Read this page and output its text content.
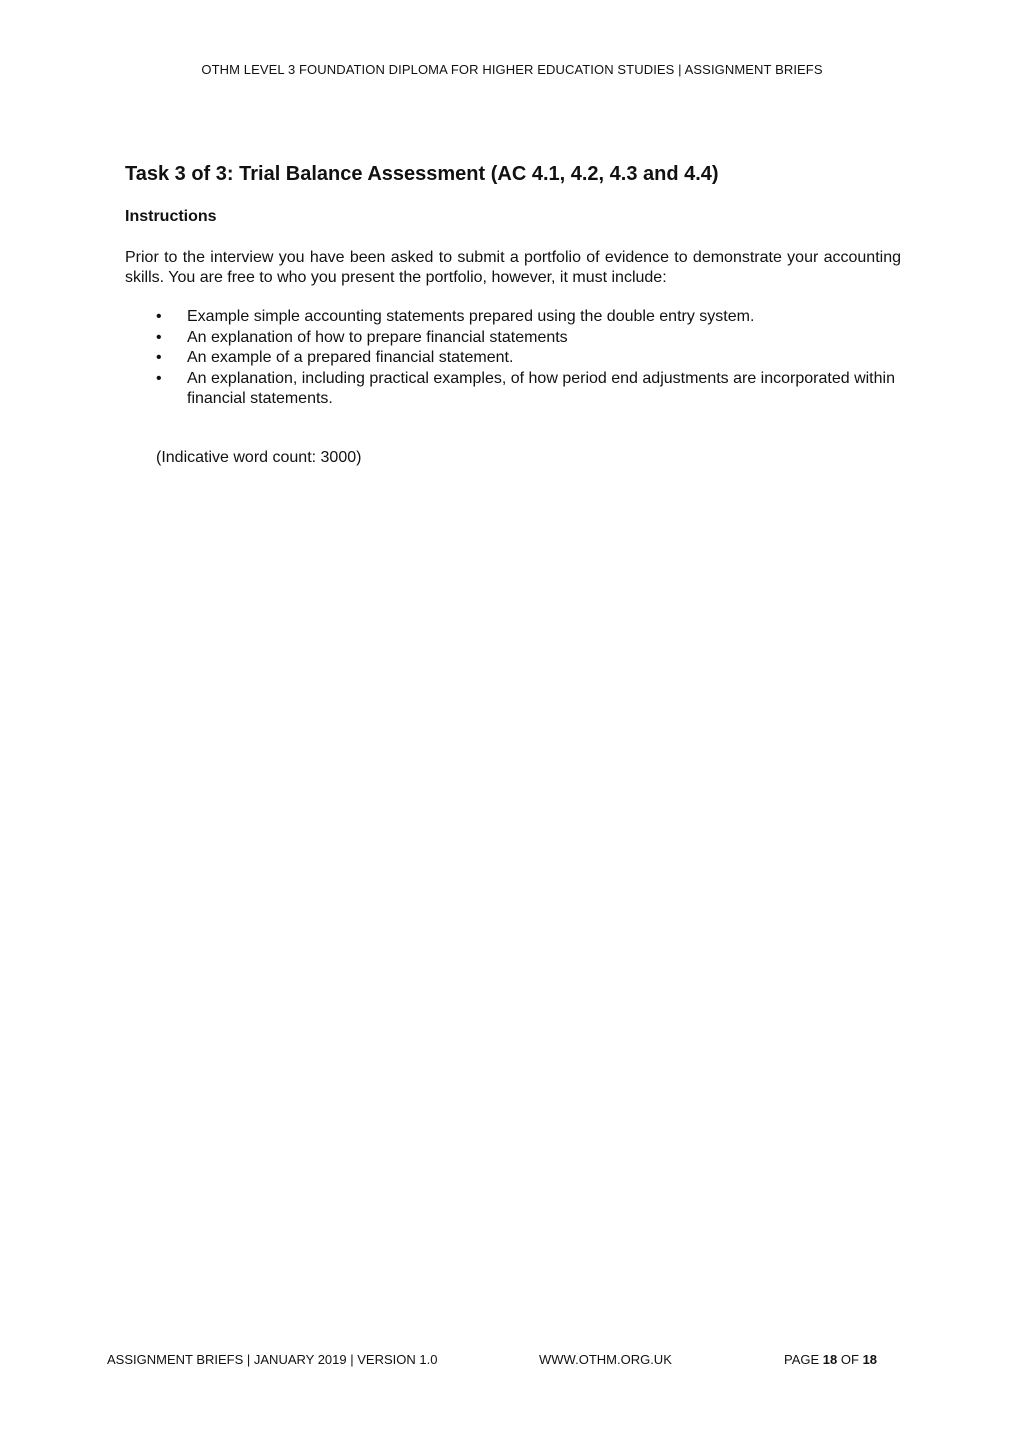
OTHM LEVEL 3 FOUNDATION DIPLOMA FOR HIGHER EDUCATION STUDIES | ASSIGNMENT BRIEFS
Task 3 of 3: Trial Balance Assessment (AC 4.1, 4.2, 4.3 and 4.4)
Instructions

Prior to the interview you have been asked to submit a portfolio of evidence to demonstrate your accounting skills. You are free to who you present the portfolio, however, it must include:

• Example simple accounting statements prepared using the double entry system.
• An explanation of how to prepare financial statements
• An example of a prepared financial statement.
• An explanation, including practical examples, of how period end adjustments are incorporated within financial statements.

(Indicative word count: 3000)

ASSIGNMENT BRIEFS | JANUARY 2019 | VERSION 1.0	WWW.OTHM.ORG.UK	PAGE 18 OF 18
